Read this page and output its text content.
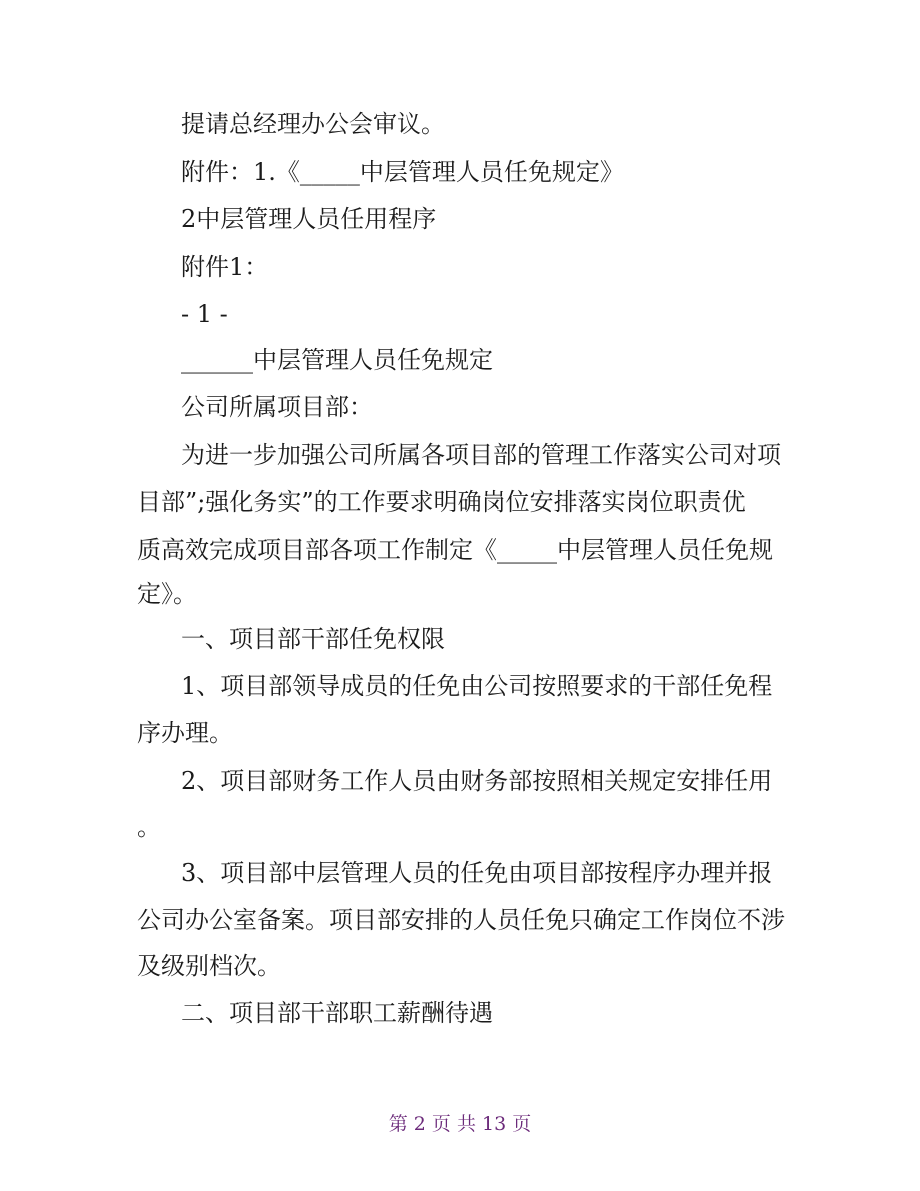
提请总经理办公会审议。
附件：1.《_____中层管理人员任免规定》
2中层管理人员任用程序
附件1：
- 1 -
______中层管理人员任免规定
公司所属项目部：
为进一步加强公司所属各项目部的管理工作落实公司对项
目部”;强化务实”的工作要求明确岗位安排落实岗位职责优
质高效完成项目部各项工作制定《_____中层管理人员任免规
定》。
一、项目部干部任免权限
1、项目部领导成员的任免由公司按照要求的干部任免程
序办理。
2、项目部财务工作人员由财务部按照相关规定安排任用
。
3、项目部中层管理人员的任免由项目部按程序办理并报
公司办公室备案。项目部安排的人员任免只确定工作岗位不涉
及级别档次。
二、项目部干部职工薪酬待遇
第 2 页 共 13 页
